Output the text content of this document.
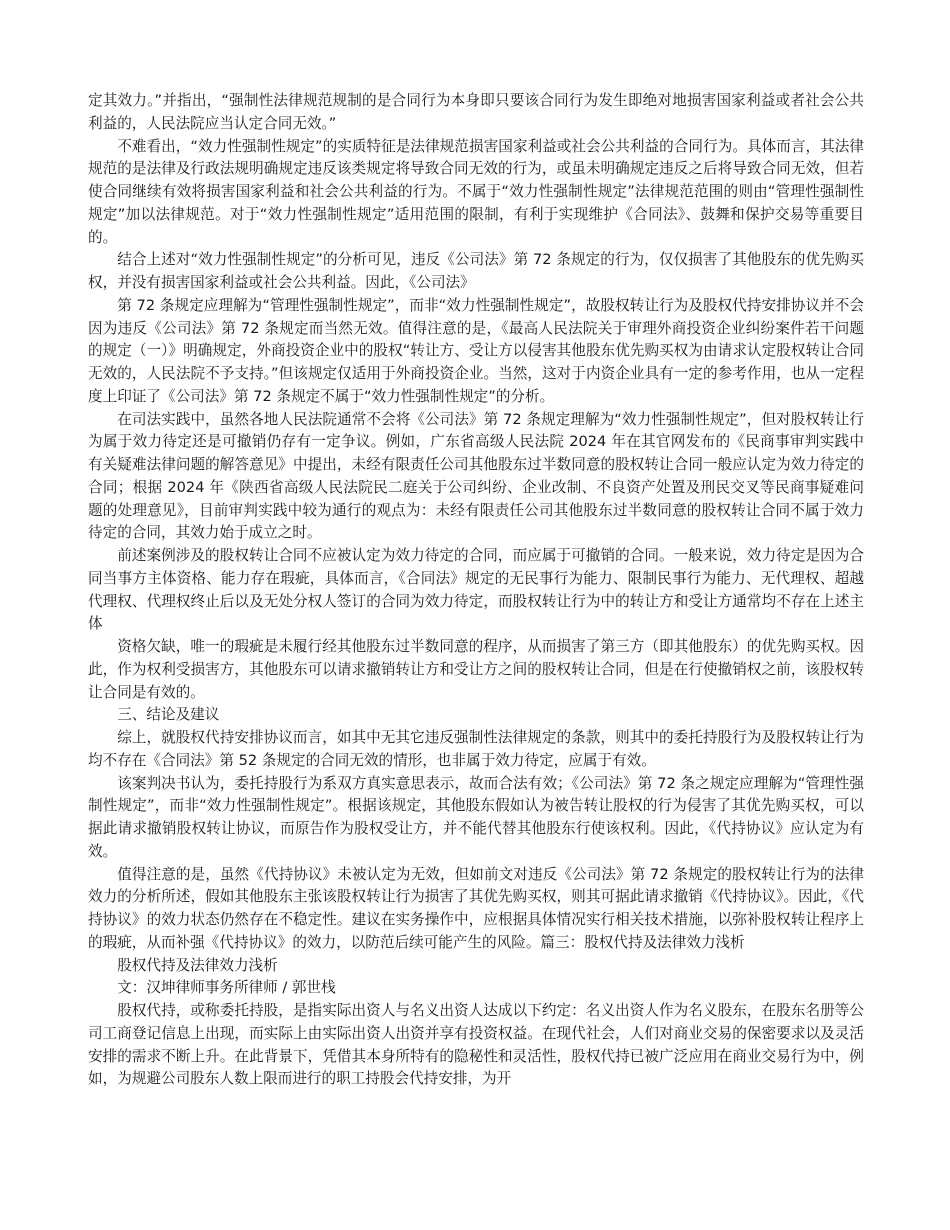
定其效力。”并指出，“强制性法律规范规制的是合同行为本身即只要该合同行为发生即绝对地损害国家利益或者社会公共利益的，人民法院应当认定合同无效。”

不难看出，“效力性强制性规定”的实质特征是法律规范损害国家利益或社会公共利益的合同行为。具体而言，其法律规范的是法律及行政法规明确规定违反该类规定将导致合同无效的行为，或虽未明确规定违反之后将导致合同无效，但若使合同继续有效将损害国家利益和社会公共利益的行为。不属于“效力性强制性规定”法律规范范围的则由“管理性强制性规定”加以法律规范。对于“效力性强制性规定”适用范围的限制，有利于实现维护《合同法》、鼓舞和保护交易等重要目的。

结合上述对“效力性强制性规定”的分析可见，违反《公司法》第 72 条规定的行为，仅仅损害了其他股东的优先购买权，并没有损害国家利益或社会公共利益。因此，《公司法》

第 72 条规定应理解为“管理性强制性规定”，而非“效力性强制性规定”，故股权转让行为及股权代持安排协议并不会因为违反《公司法》第 72 条规定而当然无效。值得注意的是，《最高人民法院关于审理外商投资企业纠纷案件若干问题的规定（一）》明确规定，外商投资企业中的股权“转让方、受让方以侵害其他股东优先购买权为由请求认定股权转让合同无效的，人民法院不予支持。”但该规定仅适用于外商投资企业。当然，这对于内资企业具有一定的参考作用，也从一定程度上印证了《公司法》第 72 条规定不属于“效力性强制性规定”的分析。

在司法实践中，虽然各地人民法院通常不会将《公司法》第 72 条规定理解为“效力性强制性规定”，但对股权转让行为属于效力待定还是可撤销仍存有一定争议。例如，广东省高级人民法院 2024 年在其官网发布的《民商事审判实践中有关疑难法律问题的解答意见》中提出，未经有限责任公司其他股东过半数同意的股权转让合同一般应认定为效力待定的合同；根据 2024 年《陕西省高级人民法院民二庭关于公司纠纷、企业改制、不良资产处置及刑民交叉等民商事疑难问题的处理意见》，目前审判实践中较为通行的观点为：未经有限责任公司其他股东过半数同意的股权转让合同不属于效力待定的合同，其效力始于成立之时。

前述案例涉及的股权转让合同不应被认定为效力待定的合同，而应属于可撤销的合同。一般来说，效力待定是因为合同当事方主体资格、能力存在瑕疵，具体而言，《合同法》规定的无民事行为能力、限制民事行为能力、无代理权、超越代理权、代理权终止后以及无处分权人签订的合同为效力待定，而股权转让行为中的转让方和受让方通常均不存在上述主体

资格欠缺，唯一的瑕疵是未履行经其他股东过半数同意的程序，从而损害了第三方（即其他股东）的优先购买权。因此，作为权利受损害方，其他股东可以请求撤销转让方和受让方之间的股权转让合同，但是在行使撤销权之前，该股权转让合同是有效的。

三、结论及建议

综上，就股权代持安排协议而言，如其中无其它违反强制性法律规定的条款，则其中的委托持股行为及股权转让行为均不存在《合同法》第 52 条规定的合同无效的情形，也非属于效力待定，应属于有效。

该案判决书认为，委托持股行为系双方真实意思表示，故而合法有效；《公司法》第 72 条之规定应理解为“管理性强制性规定”，而非“效力性强制性规定”。根据该规定，其他股东假如认为被告转让股权的行为侵害了其优先购买权，可以据此请求撤销股权转让协议，而原告作为股权受让方，并不能代替其他股东行使该权利。因此，《代持协议》应认定为有效。

值得注意的是，虽然《代持协议》未被认定为无效，但如前文对违反《公司法》第 72 条规定的股权转让行为的法律效力的分析所述，假如其他股东主张该股权转让行为损害了其优先购买权，则其可据此请求撤销《代持协议》。因此，《代持协议》的效力状态仍然存在不稳定性。建议在实务操作中，应根据具体情况实行相关技术措施，以弥补股权转让程序上的瑕疵，从而补强《代持协议》的效力，以防范后续可能产生的风险。篇三：股权代持及法律效力浅析

股权代持及法律效力浅析

文：汉坤律师事务所律师 / 郭世栈

股权代持，或称委托持股，是指实际出资人与名义出资人达成以下约定：名义出资人作为名义股东，在股东名册等公司工商登记信息上出现，而实际上由实际出资人出资并享有投资权益。在现代社会，人们对商业交易的保密要求以及灵活安排的需求不断上升。在此背景下，凭借其本身所特有的隐秘性和灵活性，股权代持已被广泛应用在商业交易行为中，例如，为规避公司股东人数上限而进行的职工持股会代持安排，为开
